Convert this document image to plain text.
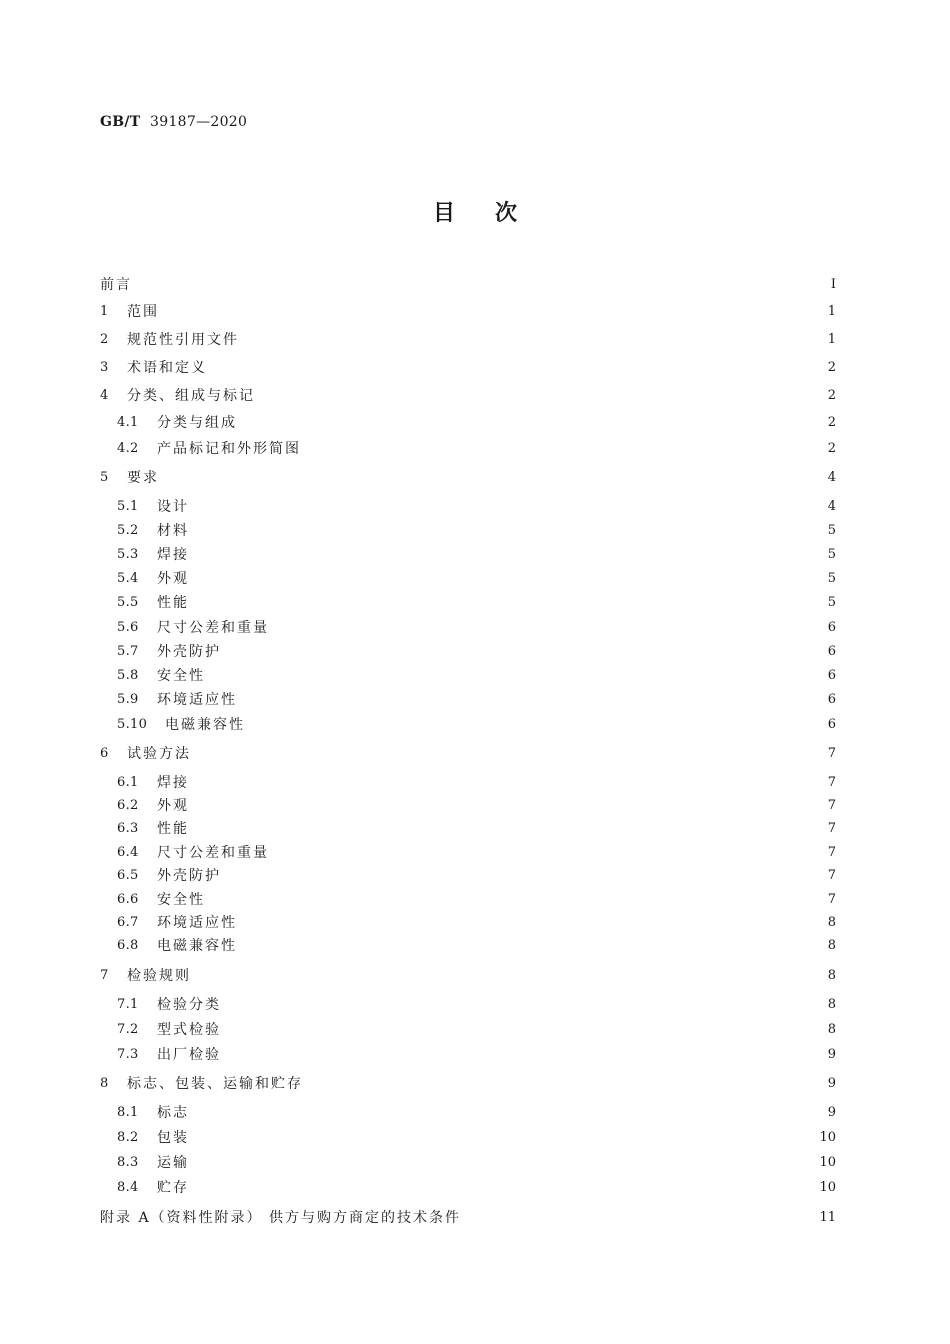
GB/T 39187—2020
目 次
前言	I
1	范围	1
2	规范性引用文件	1
3	术语和定义	2
4	分类、组成与标记	2
4.1	分类与组成	2
4.2	产品标记和外形简图	2
5	要求	4
5.1	设计	4
5.2	材料	5
5.3	焊接	5
5.4	外观	5
5.5	性能	5
5.6	尺寸公差和重量	6
5.7	外壳防护	6
5.8	安全性	6
5.9	环境适应性	6
5.10	电磁兼容性	6
6	试验方法	7
6.1	焊接	7
6.2	外观	7
6.3	性能	7
6.4	尺寸公差和重量	7
6.5	外壳防护	7
6.6	安全性	7
6.7	环境适应性	8
6.8	电磁兼容性	8
7	检验规则	8
7.1	检验分类	8
7.2	型式检验	8
7.3	出厂检验	9
8	标志、包装、运输和贮存	9
8.1	标志	9
8.2	包装	10
8.3	运输	10
8.4	贮存	10
附录 A（资料性附录） 供方与购方商定的技术条件	11
